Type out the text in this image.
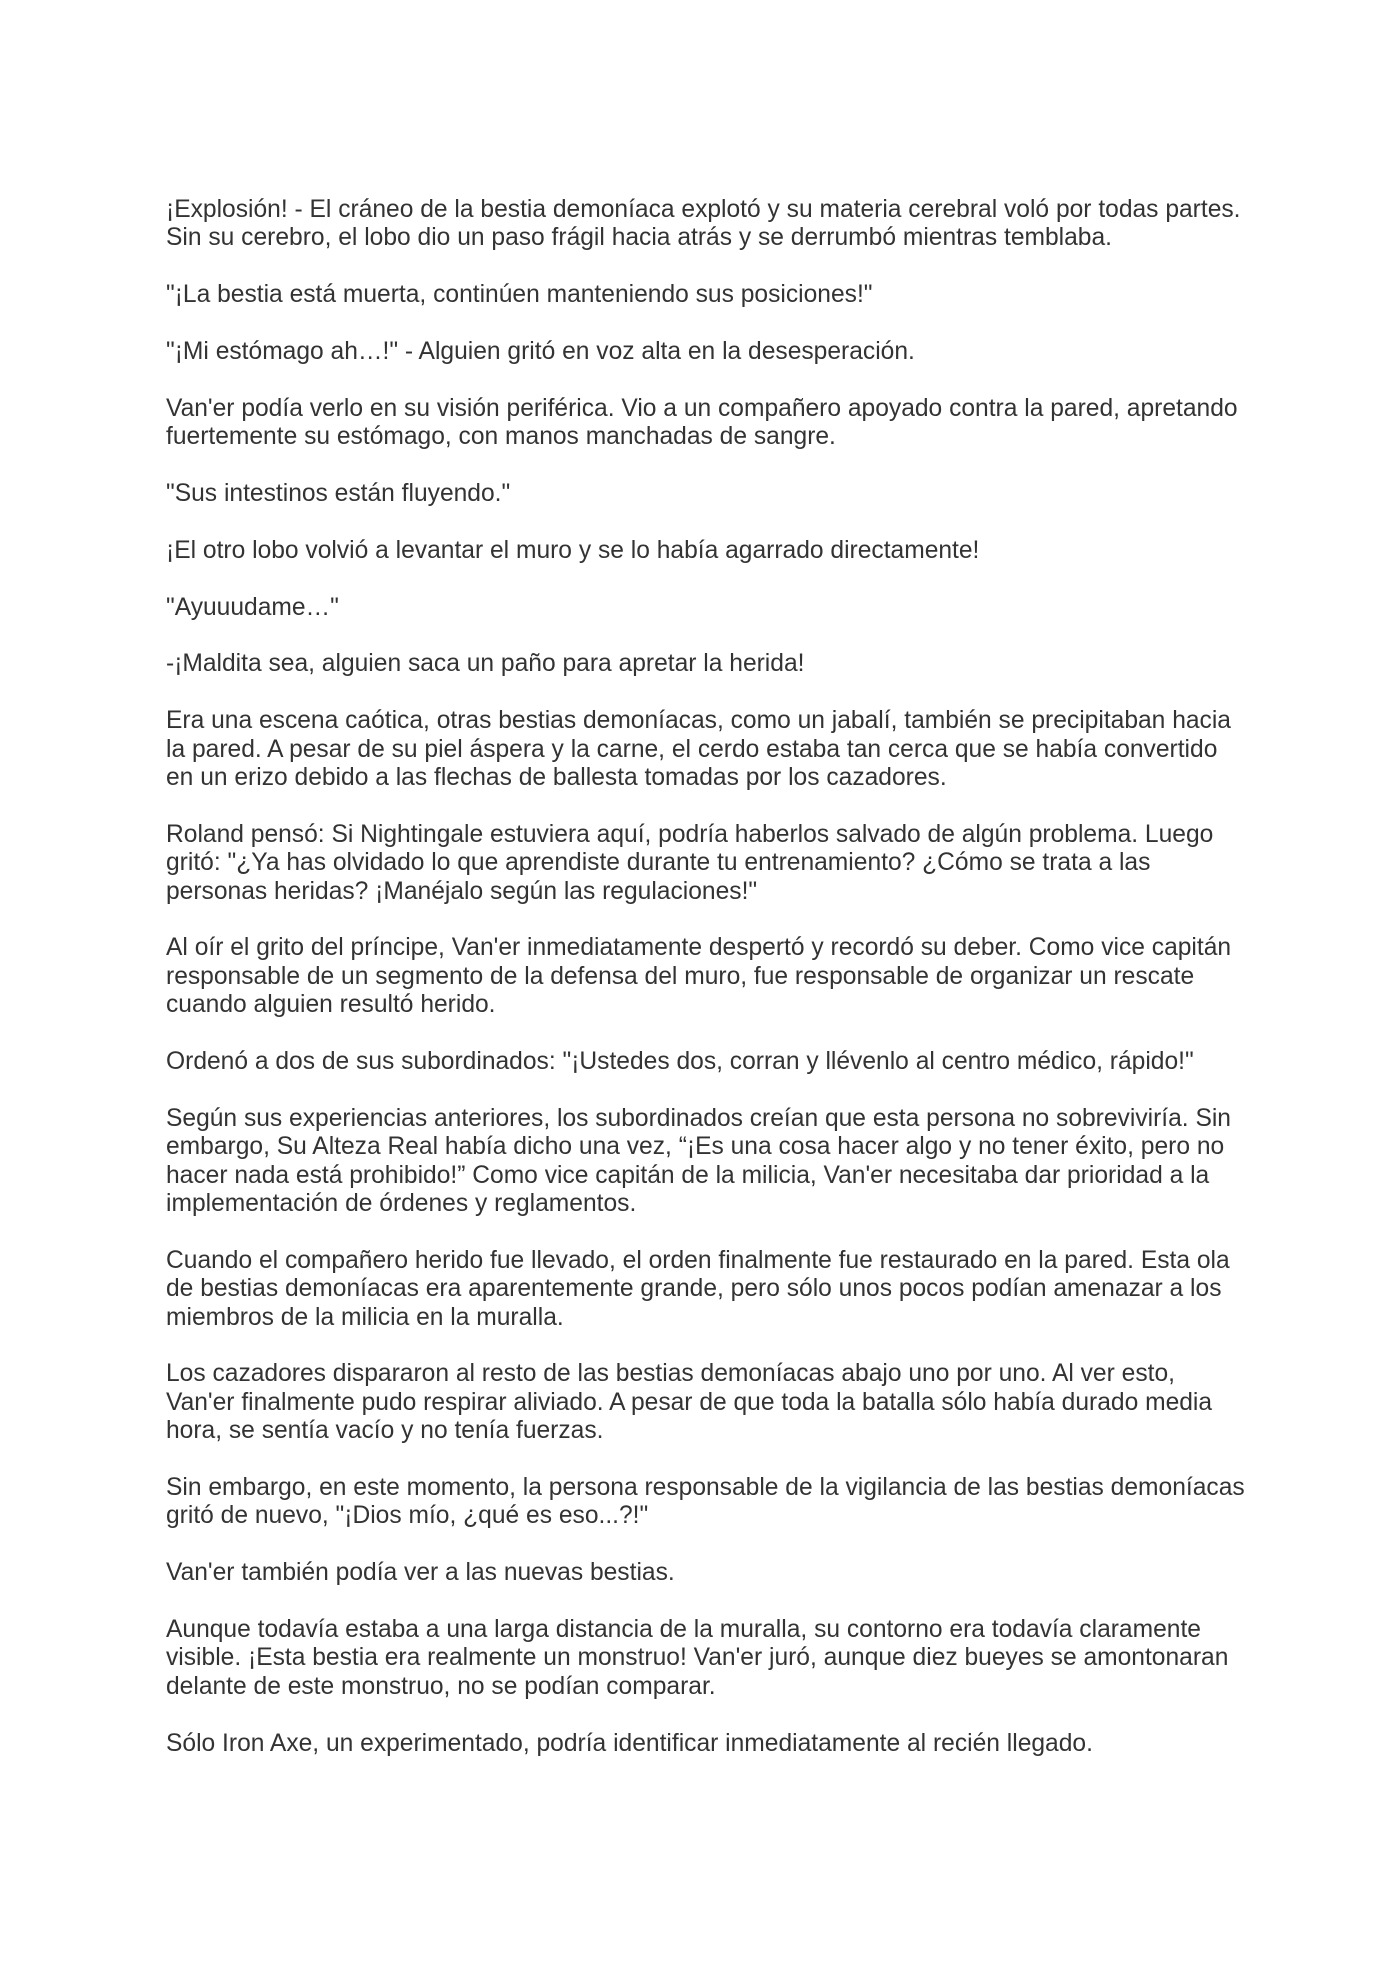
¡Explosión! - El cráneo de la bestia demoníaca explotó y su materia cerebral voló por todas partes. Sin su cerebro, el lobo dio un paso frágil hacia atrás y se derrumbó mientras temblaba.

"¡La bestia está muerta, continúen manteniendo sus posiciones!"

"¡Mi estómago ah…!" - Alguien gritó en voz alta en la desesperación.

Van'er podía verlo en su visión periférica. Vio a un compañero apoyado contra la pared, apretando fuertemente su estómago, con manos manchadas de sangre.

"Sus intestinos están fluyendo."

¡El otro lobo volvió a levantar el muro y se lo había agarrado directamente!

"Ayuuudame…"

-¡Maldita sea, alguien saca un paño para apretar la herida!

Era una escena caótica, otras bestias demoníacas, como un jabalí, también se precipitaban hacia la pared. A pesar de su piel áspera y la carne, el cerdo estaba tan cerca que se había convertido en un erizo debido a las flechas de ballesta tomadas por los cazadores.

Roland pensó: Si Nightingale estuviera aquí, podría haberlos salvado de algún problema. Luego gritó: "¿Ya has olvidado lo que aprendiste durante tu entrenamiento? ¿Cómo se trata a las personas heridas? ¡Manéjalo según las regulaciones!"

Al oír el grito del príncipe, Van'er inmediatamente despertó y recordó su deber. Como vice capitán responsable de un segmento de la defensa del muro, fue responsable de organizar un rescate cuando alguien resultó herido.

Ordenó a dos de sus subordinados: "¡Ustedes dos, corran y llévenlo al centro médico, rápido!"

Según sus experiencias anteriores, los subordinados creían que esta persona no sobreviviría. Sin embargo, Su Alteza Real había dicho una vez, “¡Es una cosa hacer algo y no tener éxito, pero no hacer nada está prohibido!” Como vice capitán de la milicia, Van'er necesitaba dar prioridad a la implementación de órdenes y reglamentos.

Cuando el compañero herido fue llevado, el orden finalmente fue restaurado en la pared. Esta ola de bestias demoníacas era aparentemente grande, pero sólo unos pocos podían amenazar a los miembros de la milicia en la muralla.

Los cazadores dispararon al resto de las bestias demoníacas abajo uno por uno. Al ver esto, Van'er finalmente pudo respirar aliviado. A pesar de que toda la batalla sólo había durado media hora, se sentía vacío y no tenía fuerzas.

Sin embargo, en este momento, la persona responsable de la vigilancia de las bestias demoníacas gritó de nuevo, "¡Dios mío, ¿qué es eso...?!"

Van'er también podía ver a las nuevas bestias.

Aunque todavía estaba a una larga distancia de la muralla, su contorno era todavía claramente visible. ¡Esta bestia era realmente un monstruo! Van'er juró, aunque diez bueyes se amontonaran delante de este monstruo, no se podían comparar.

Sólo Iron Axe, un experimentado, podría identificar inmediatamente al recién llegado.
